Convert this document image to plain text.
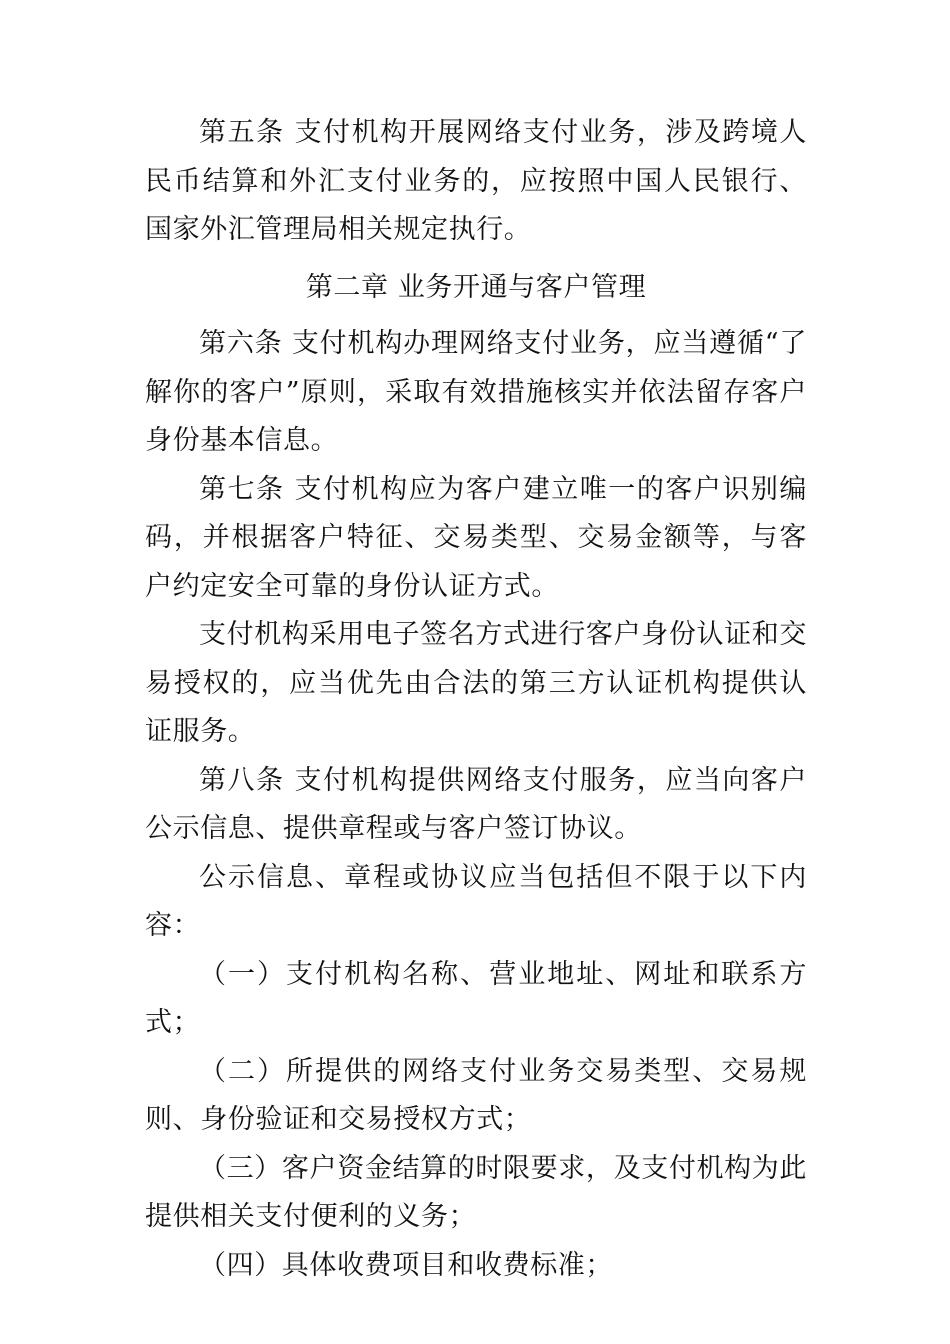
第五条 支付机构开展网络支付业务，涉及跨境人民币结算和外汇支付业务的，应按照中国人民银行、国家外汇管理局相关规定执行。

第二章 业务开通与客户管理

第六条 支付机构办理网络支付业务，应当遵循“了解你的客户”原则，采取有效措施核实并依法留存客户身份基本信息。

第七条 支付机构应为客户建立唯一的客户识别编码，并根据客户特征、交易类型、交易金额等，与客户约定安全可靠的身份认证方式。

支付机构采用电子签名方式进行客户身份认证和交易授权的，应当优先由合法的第三方认证机构提供认证服务。

第八条 支付机构提供网络支付服务，应当向客户公示信息、提供章程或与客户签订协议。

公示信息、章程或协议应当包括但不限于以下内容：

（一）支付机构名称、营业地址、网址和联系方式；

（二）所提供的网络支付业务交易类型、交易规则、身份验证和交易授权方式；

（三）客户资金结算的时限要求，及支付机构为此提供相关支付便利的义务；

（四）具体收费项目和收费标准；
